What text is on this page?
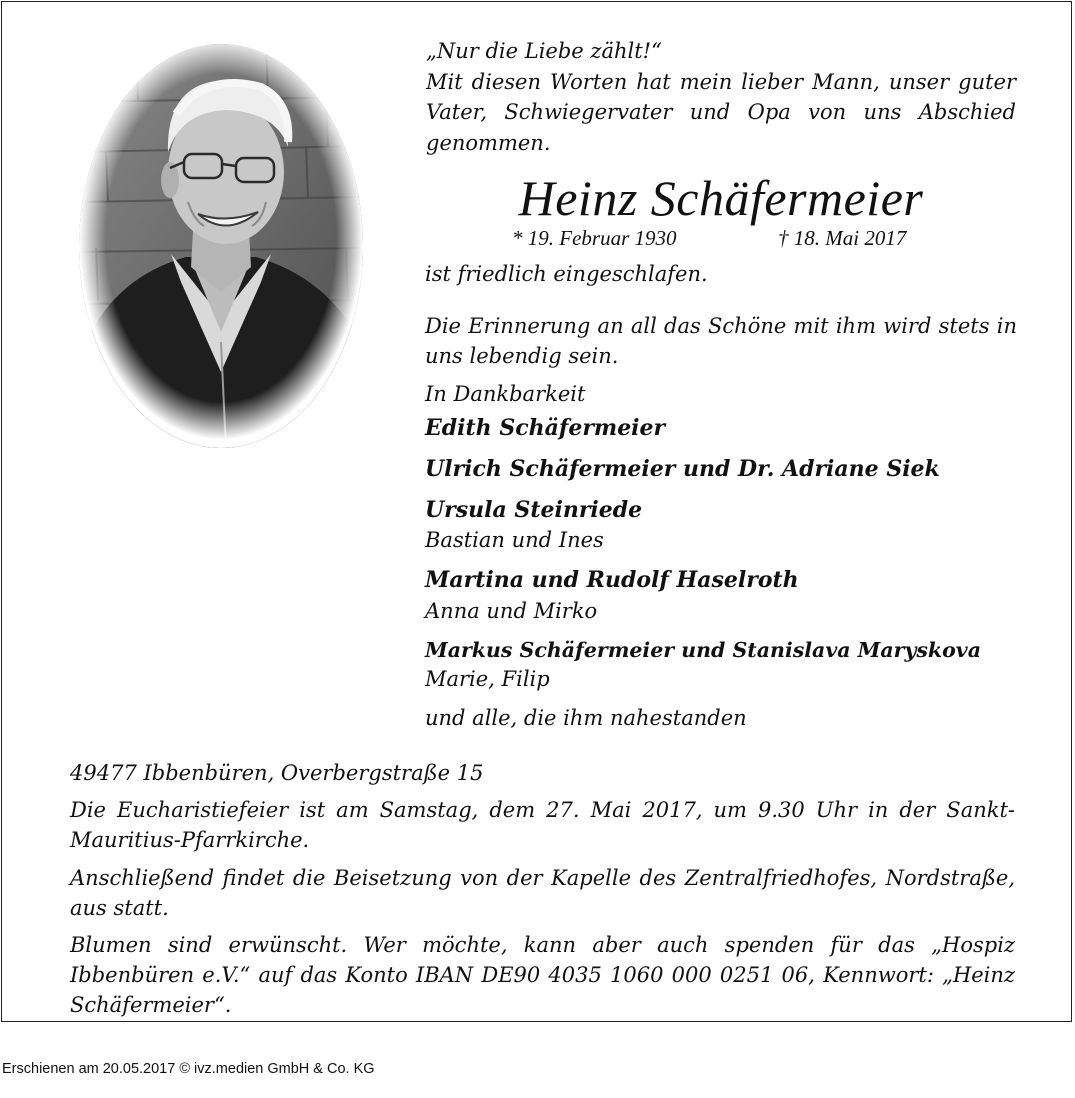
„Nur die Liebe zählt!“
Mit diesen Worten hat mein lieber Mann, unser guter Vater, Schwiegervater und Opa von uns Abschied genommen.

Heinz Schäfermeier
* 19. Februar 1930	† 18. Mai 2017
ist friedlich eingeschlafen.

Die Erinnerung an all das Schöne mit ihm wird stets in uns lebendig sein.

In Dankbarkeit
Edith Schäfermeier
Ulrich Schäfermeier und Dr. Adriane Siek
Ursula Steinriede
Bastian und Ines
Martina und Rudolf Haselroth
Anna und Mirko
Markus Schäfermeier und Stanislava Maryskova
Marie, Filip
und alle, die ihm nahestanden
49477 Ibbenbüren, Overbergstraße 15

Die Eucharistiefeier ist am Samstag, dem 27. Mai 2017, um 9.30 Uhr in der Sankt-Mauritius-Pfarrkirche.

Anschließend findet die Beisetzung von der Kapelle des Zentralfriedhofes, Nordstraße, aus statt.

Blumen sind erwünscht. Wer möchte, kann aber auch spenden für das „Hospiz Ibbenbüren e.V.“ auf das Konto IBAN DE90 4035 1060 000 0251 06, Kennwort: „Heinz Schäfermeier“.

Erschienen am 20.05.2017 © ivz.medien GmbH & Co. KG
